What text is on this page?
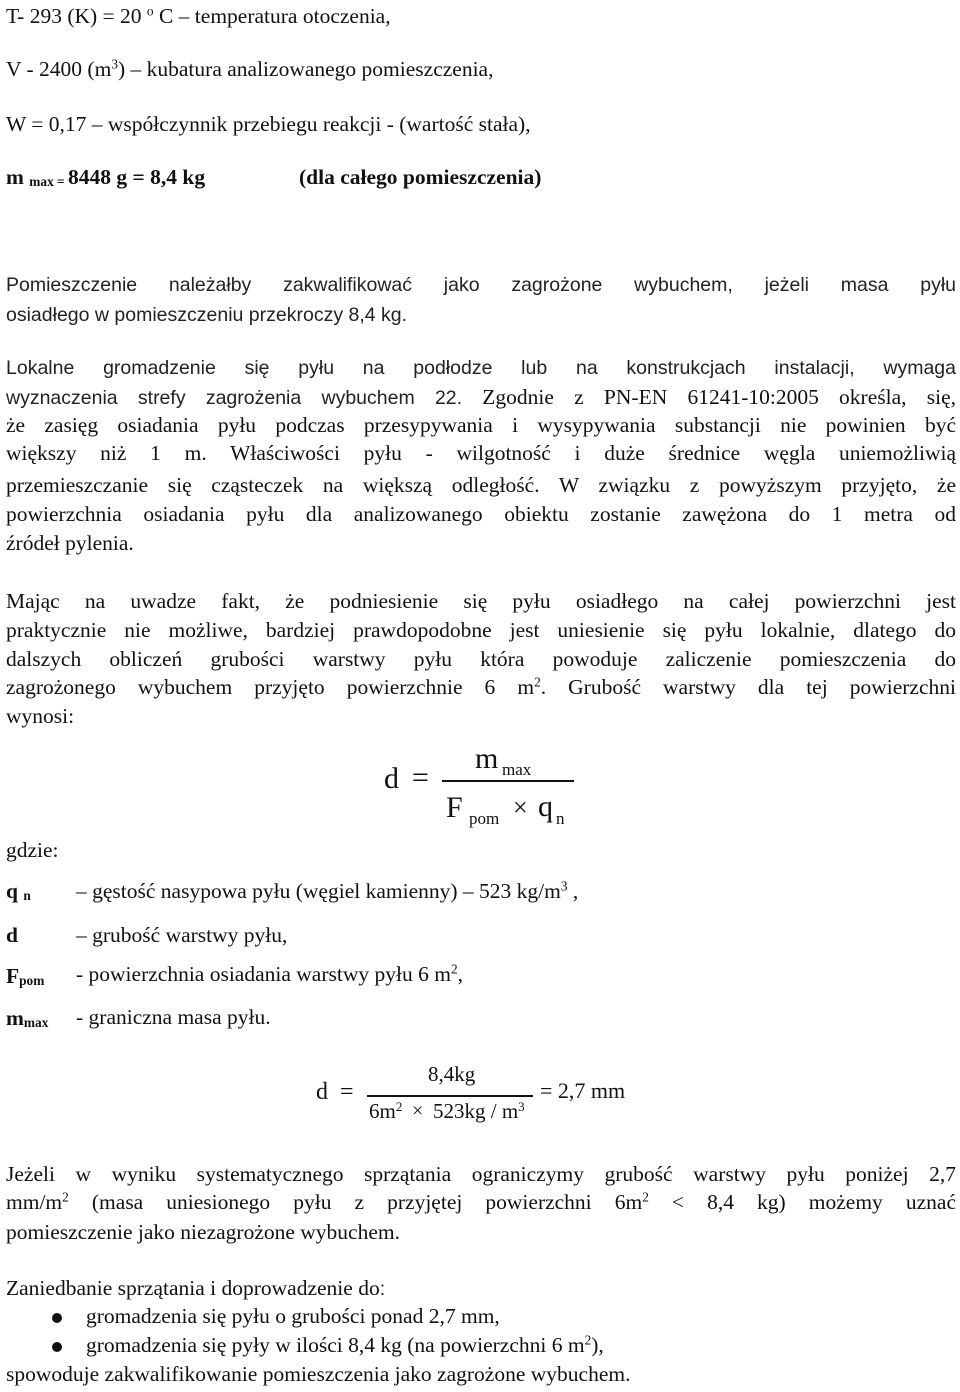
T- 293 (K) = 20 $^o$ C – temperatura otoczenia,
V - 2400 $(m^3)$ – kubatura analizowanego pomieszczenia,
W = 0,17 – współczynnik przebiegu reakcji - (wartość stała),
m max = 8448 g = 8,4 kg	(dla całego pomieszczenia)
Pomieszczenie należałby zakwalifikować jako zagrożone wybuchem, jeżeli masa pyłu
osiadłego w pomieszczeniu przekroczy 8,4 kg.
Lokalne gromadzenie się pyłu na podłodze lub na konstrukcjach instalacji, wymaga
wyznaczenia strefy zagrożenia wybuchem 22. Zgodnie z PN-EN 61241-10:2005 określa, się,
że zasięg osiadania pyłu podczas przesypywania i wysypywania substancji nie powinien być
większy niż 1 m. Właściwości pyłu - wilgotność i duże średnice węgla uniemożliwią
przemieszczanie się cząsteczek na większą odległość. W związku z powyższym przyjęto, że
powierzchnia osiadania pyłu dla analizowanego obiektu zostanie zawężona do 1 metra od
źródeł pylenia.
Mając na uwadze fakt, że podniesienie się pyłu osiadłego na całej powierzchni jest
praktycznie nie możliwe, bardziej prawdopodobne jest uniesienie się pyłu lokalnie, dlatego do
dalszych obliczeń grubości warstwy pyłu która powoduje zaliczenie pomieszczenia do
zagrożonego wybuchem przyjęto powierzchnie 6 $m^2$. Grubość warstwy dla tej powierzchni
wynosi:
d =
m max
F pom × q n
gdzie:
q n – gęstość nasypowa pyłu (węgiel kamienny) – 523 $kg/m^3$ ,
d	– grubość warstwy pyłu,
Fpom - powierzchnia osiadania warstwy pyłu 6 $m^2$,
mmax - graniczna masa pyłu.
d =
8,4kg
$6m^2 \times 523kg / m^3$
= 2,7 mm
Jeżeli w wyniku systematycznego sprzątania ograniczymy grubość warstwy pyłu poniżej 2,7
$mm/m^2$ (masa uniesionego pyłu z przyjętej powierzchni $6m^2 < 8,4$ kg) możemy uznać
pomieszczenie jako niezagrożone wybuchem.
Zaniedbanie sprzątania i doprowadzenie do:
gromadzenia się pyłu o grubości ponad 2,7 mm,
gromadzenia się pyły w ilości 8,4 kg (na powierzchni 6 $m^2$),
spowoduje zakwalifikowanie pomieszczenia jako zagrożone wybuchem.
